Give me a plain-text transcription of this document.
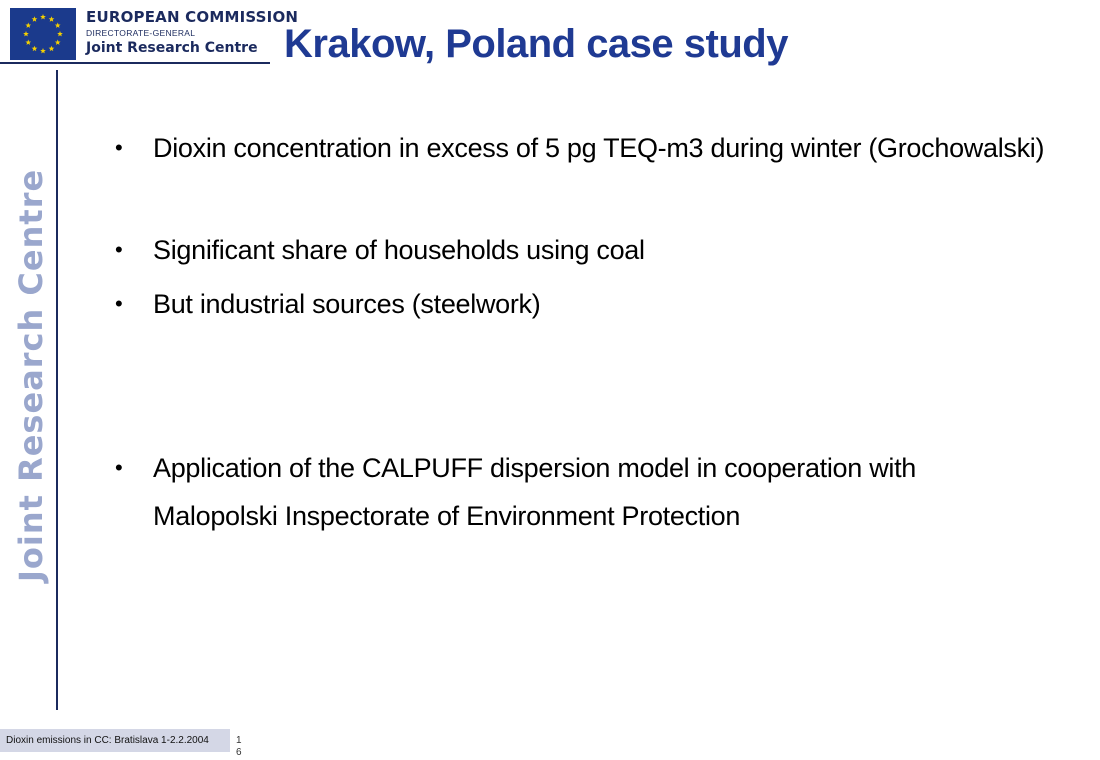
EUROPEAN COMMISSION
DIRECTORATE-GENERAL
Joint Research Centre Krakow, Poland case study
Joint Research Centre
• Dioxin concentration in excess of 5 pg TEQ-m3 during winter (Grochowalski)
• Significant share of households using coal
• But industrial sources (steelwork)
• Application of the CALPUFF dispersion model in cooperation with  Malopolski Inspectorate of Environment Protection
Dioxin emissions in CC: Bratislava 1-2.2.2004	16
